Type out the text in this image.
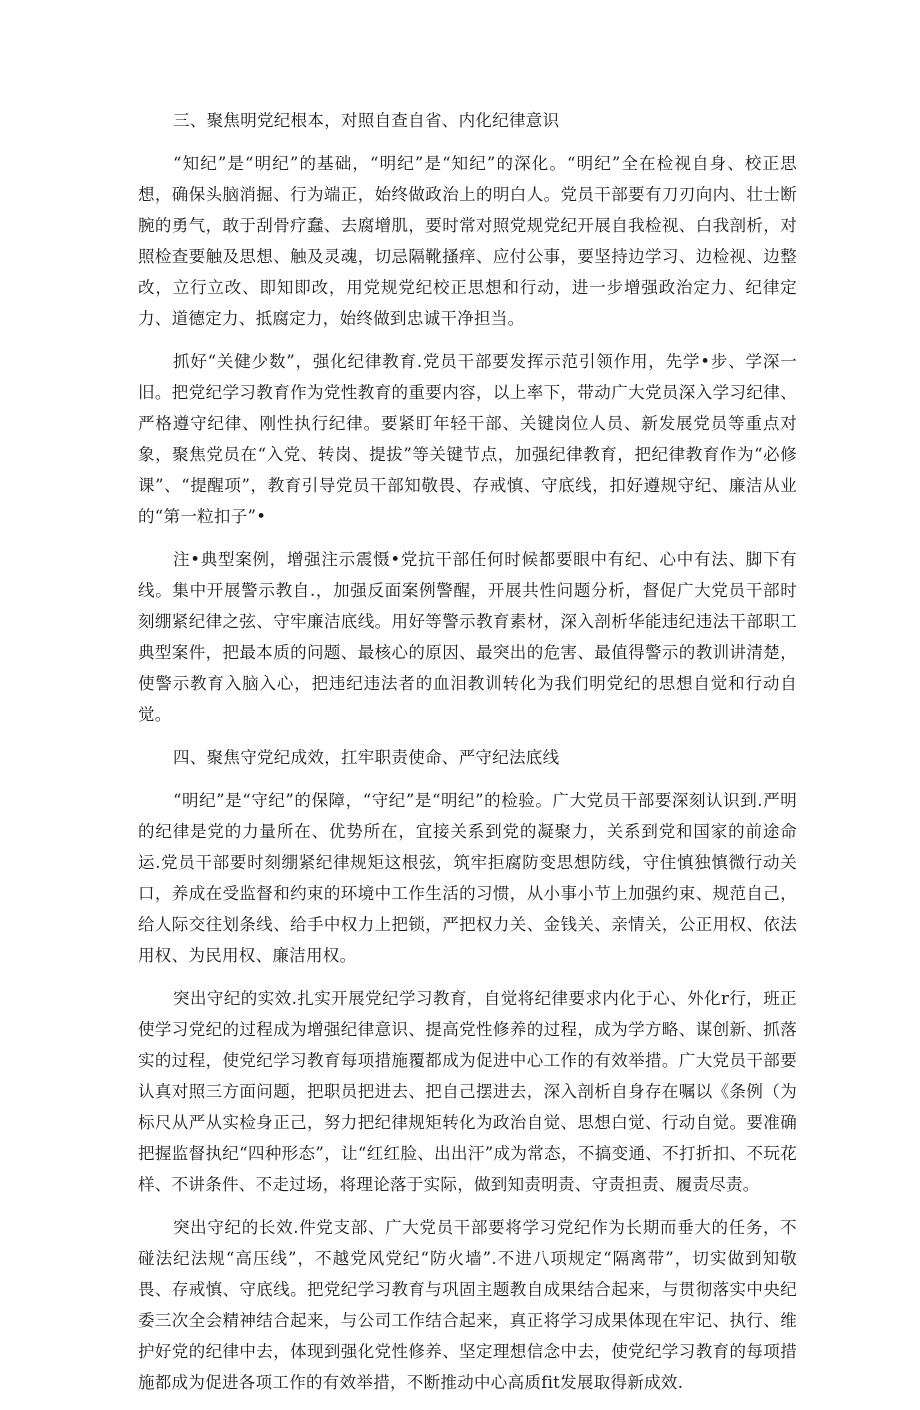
三、聚焦明党纪根本，对照自查自省、内化纪律意识

“知纪”是“明纪”的基础，“明纪”是“知纪”的深化。“明纪”全在检视自身、校正思想，确保头脑消掘、行为端正，始终做政治上的明白人。党员干部要有刀刃向内、壮士断腕的勇气，敢于刮骨疗蠢、去腐增肌，要时常对照党规党纪开展自我检视、白我剖析，对照检查要触及思想、触及灵魂，切忌隔靴搔痒、应付公事，要坚持边学习、边检视、边整改，立行立改、即知即改，用党规党纪校正思想和行动，进一步增强政治定力、纪律定力、道德定力、抵腐定力，始终做到忠诚干净担当。

抓好“关健少数”，强化纪律教育.党员干部要发挥示范引领作用，先学•步、学深一旧。把党纪学习教育作为党性教育的重要内容，以上率下，带动广大党员深入学习纪律、严格遵守纪律、刚性执行纪律。要紧盯年轻干部、关键岗位人员、新发展党员等重点对象，聚焦党员在“入党、转岗、提拔”等关键节点，加强纪律教育，把纪律教育作为“必修课”、“提醒项”，教育引导党员干部知敬畏、存戒慎、守底线，扣好遵规守纪、廉洁从业的“第一粒扣子”•

注•典型案例，增强注示震慑•党抗干部任何时候都要眼中有纪、心中有法、脚下有线。集中开展警示教自.，加强反面案例警醒，开展共性问题分析，督促广大党员干部时刻绷紧纪律之弦、守牢廉洁底线。用好等警示教育素材，深入剖析华能违纪违法干部职工典型案件，把最本质的问题、最核心的原因、最突出的危害、最值得警示的教训讲清楚，使警示教育入脑入心，把违纪违法者的血泪教训转化为我们明党纪的思想自觉和行动自觉。

四、聚焦守党纪成效，扛牢职责使命、严守纪法底线

“明纪”是“守纪”的保障，“守纪”是“明纪”的检验。广大党员干部要深刻认识到.严明的纪律是党的力量所在、优势所在，宜接关系到党的凝聚力，关系到党和国家的前途命运.党员干部要时刻绷紧纪律规矩这根弦，筑牢拒腐防变思想防线，守住慎独慎微行动关口，养成在受监督和约束的环境中工作生活的习惯，从小事小节上加强约束、规范自己，给人际交往划条线、给手中权力上把锁，严把权力关、金钱关、亲情关，公正用权、依法用权、为民用权、廉洁用权。

突出守纪的实效.扎实开展党纪学习教育，自觉将纪律要求内化于心、外化r行，班正使学习党纪的过程成为增强纪律意识、提高党性修养的过程，成为学方略、谋创新、抓落实的过程，使党纪学习教育每项措施覆都成为促进中心工作的有效举措。广大党员干部要认真对照三方面问题，把职员把进去、把自己摆进去，深入剖析自身存在嘱以《条例（为标尺从严从实检身正己，努力把纪律规矩转化为政治自觉、思想白觉、行动自觉。要准确把握监督执纪“四种形态”，让“红红脸、出出汗”成为常态，不搞变通、不打折扣、不玩花样、不讲条件、不走过场，将理论落于实际，做到知责明责、守责担责、履责尽责。

突出守纪的长效.件党支部、广大党员干部要将学习党纪作为长期而垂大的任务，不碰法纪法规“高压线”，不越党风党纪“防火墙”.不进八项规定“隔离带”，切实做到知敬畏、存戒慎、守底线。把党纪学习教育与巩固主题教自成果结合起来，与贯彻落实中央纪委三次全会精神结合起来，与公司工作结合起来，真正将学习成果体现在牢记、执行、维护好党的纪律中去，体现到强化党性修养、坚定理想信念中去，使党纪学习教育的每项措施都成为促进各项工作的有效举措，不断推动中心高质fit发展取得新成效.
